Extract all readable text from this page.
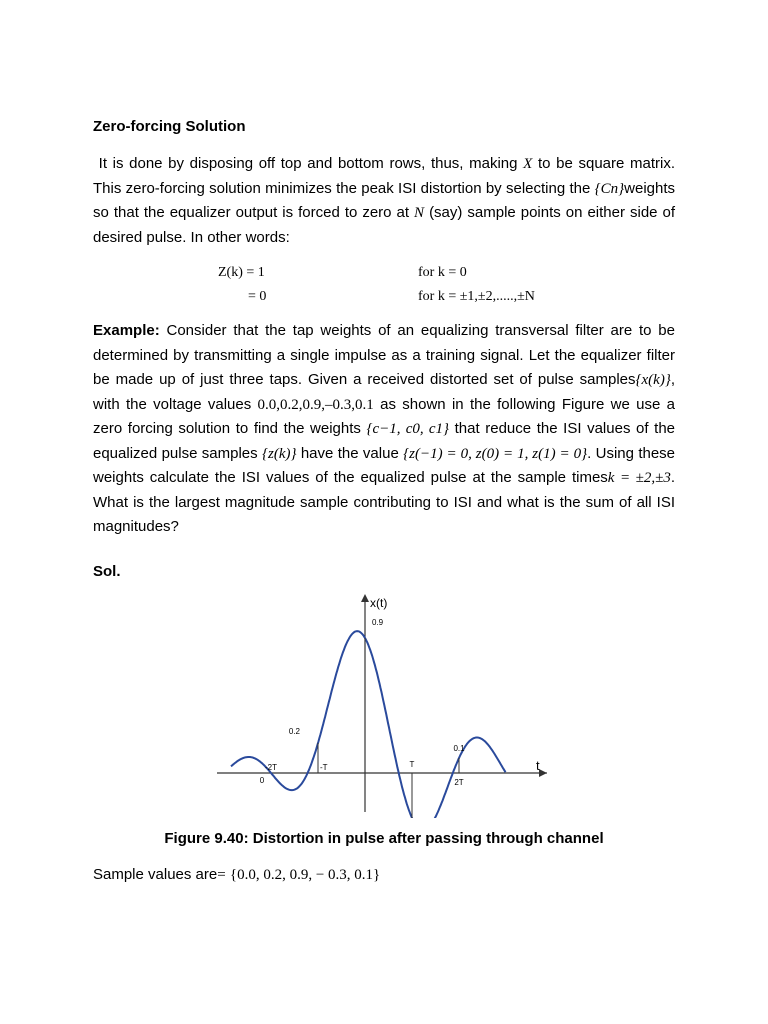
Zero-forcing Solution
It is done by disposing off top and bottom rows, thus, making X to be square matrix. This zero-forcing solution minimizes the peak ISI distortion by selecting the {Cn}weights so that the equalizer output is forced to zero at N (say) sample points on either side of desired pulse. In other words:
Z(k) = 1
= 0
for k = 0
for k = ±1,±2,.....,±N
Example: Consider that the tap weights of an equalizing transversal filter are to be determined by transmitting a single impulse as a training signal. Let the equalizer filter be made up of just three taps. Given a received distorted set of pulse samples{x(k)}, with the voltage values 0.0,0.2,0.9,–0.3,0.1 as shown in the following Figure we use a zero forcing solution to find the weights {c−1, c0, c1} that reduce the ISI values of the equalized pulse samples {z(k)} have the value {z(−1) = 0, z(0) = 1, z(1) = 0}. Using these weights calculate the ISI values of the equalized pulse at the sample timesk = ±2,±3. What is the largest magnitude sample contributing to ISI and what is the sum of all ISI magnitudes?
Sol.
x(t)
t
-2T	-T	T
2T
0
0.2
0.9
0.1
Figure 9.40: Distortion in pulse after passing through channel
Sample values are= {0.0, 0.2, 0.9, − 0.3, 0.1}
